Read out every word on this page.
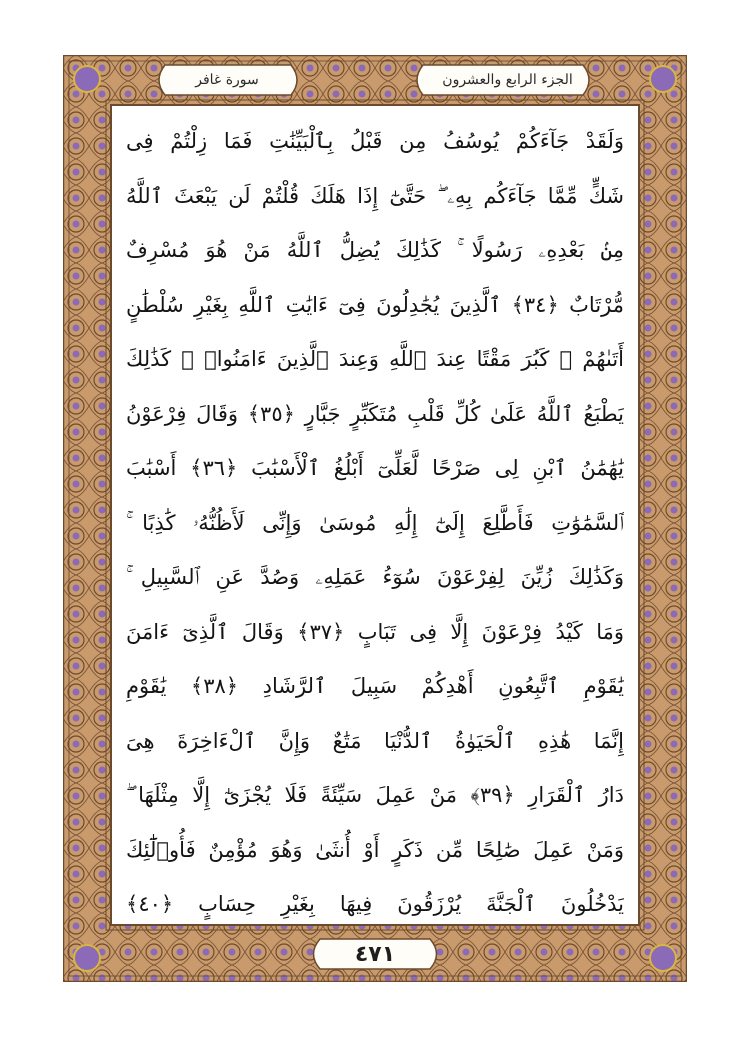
الجزء الرابع والعشرون
سورة غافر
وَلَقَدْ جَآءَكُمْ يُوسُفُ مِن قَبْلُ بِٱلْبَيِّنَٰتِ فَمَا زِلْتُمْ فِى
شَكٍّ مِّمَّا جَآءَكُم بِهِۦ ۖ حَتَّىٰٓ إِذَا هَلَكَ قُلْتُمْ لَن يَبْعَثَ ٱللَّهُ
مِنۢ بَعْدِهِۦ رَسُولًا ۚ كَذَٰلِكَ يُضِلُّ ٱللَّهُ مَنْ هُوَ مُسْرِفٌ
مُّرْتَابٌ ﴿٣٤﴾ ٱلَّذِينَ يُجَٰدِلُونَ فِىٓ ءَايَٰتِ ٱللَّهِ بِغَيْرِ سُلْطَٰنٍ
أَتَىٰهُمْ ۖ كَبُرَ مَقْتًا عِندَ ٱللَّهِ وَعِندَ ٱلَّذِينَ ءَامَنُوا۟ ۚ كَذَٰلِكَ
يَطْبَعُ ٱللَّهُ عَلَىٰ كُلِّ قَلْبِ مُتَكَبِّرٍ جَبَّارٍ ﴿٣٥﴾ وَقَالَ فِرْعَوْنُ
يَٰهَٰمَٰنُ ٱبْنِ لِى صَرْحًا لَّعَلِّىٓ أَبْلُغُ ٱلْأَسْبَٰبَ ﴿٣٦﴾ أَسْبَٰبَ
ٱلسَّمَٰوَٰتِ فَأَطَّلِعَ إِلَىٰٓ إِلَٰهِ مُوسَىٰ وَإِنِّى لَأَظُنُّهُۥ كَٰذِبًا ۚ
وَكَذَٰلِكَ زُيِّنَ لِفِرْعَوْنَ سُوٓءُ عَمَلِهِۦ وَصُدَّ عَنِ ٱلسَّبِيلِ ۚ
وَمَا كَيْدُ فِرْعَوْنَ إِلَّا فِى تَبَابٍ ﴿٣٧﴾ وَقَالَ ٱلَّذِىٓ ءَامَنَ
يَٰقَوْمِ ٱتَّبِعُونِ أَهْدِكُمْ سَبِيلَ ٱلرَّشَادِ ﴿٣٨﴾ يَٰقَوْمِ
إِنَّمَا هَٰذِهِ ٱلْحَيَوٰةُ ٱلدُّنْيَا مَتَٰعٌ وَإِنَّ ٱلْءَاخِرَةَ هِىَ
دَارُ ٱلْقَرَارِ ﴿٣٩﴾ مَنْ عَمِلَ سَيِّئَةً فَلَا يُجْزَىٰٓ إِلَّا مِثْلَهَا ۖ
وَمَنْ عَمِلَ صَٰلِحًا مِّن ذَكَرٍ أَوْ أُنثَىٰ وَهُوَ مُؤْمِنٌ فَأُو۟لَٰٓئِكَ
يَدْخُلُونَ ٱلْجَنَّةَ يُرْزَقُونَ فِيهَا بِغَيْرِ حِسَابٍ ﴿٤٠﴾
٤٧١
